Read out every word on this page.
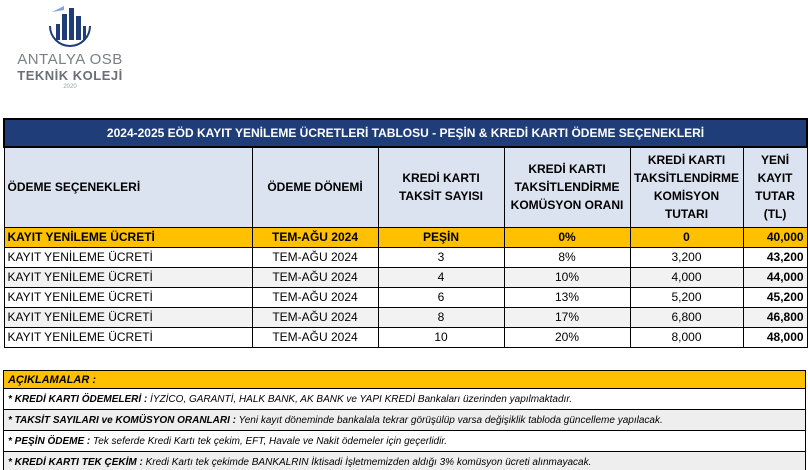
ANTALYA OSB
TEKNİK KOLEJİ
2020
2024-2025 EÖD KAYIT YENİLEME ÜCRETLERİ TABLOSU - PEŞİN & KREDİ KARTI ÖDEME SEÇENEKLERİ					
ÖDEME SEÇENEKLERİ	ÖDEME DÖNEMİ	KREDİ KARTI TAKSİT SAYISI	KREDİ KARTI TAKSİTLENDİRME KOMÜSYON ORANI	KREDİ KARTI TAKSİTLENDİRME KOMİSYON TUTARI	YENİ KAYIT TUTAR (TL)
KAYIT YENİLEME ÜCRETİ	TEM-AĞU 2024	PEŞİN	0%	0	40,000
KAYIT YENİLEME ÜCRETİ	TEM-AĞU 2024	3	8%	3,200	43,200
KAYIT YENİLEME ÜCRETİ	TEM-AĞU 2024	4	10%	4,000	44,000
KAYIT YENİLEME ÜCRETİ	TEM-AĞU 2024	6	13%	5,200	45,200
KAYIT YENİLEME ÜCRETİ	TEM-AĞU 2024	8	17%	6,800	46,800
KAYIT YENİLEME ÜCRETİ	TEM-AĞU 2024	10	20%	8,000	48,000
AÇIKLAMALAR :
* KREDİ KARTI ÖDEMELERİ : İYZİCO, GARANTİ, HALK BANK, AK BANK ve YAPI KREDİ Bankaları üzerinden yapılmaktadır.
* TAKSİT SAYILARI ve KOMÜSYON ORANLARI : Yeni kayıt döneminde bankalala tekrar görüşülüp varsa değişiklik tabloda güncelleme yapılacak.
* PEŞİN ÖDEME : Tek seferde Kredi Kartı tek çekim, EFT, Havale ve Nakit ödemeler için geçerlidir.
* KREDİ KARTI TEK ÇEKİM : Kredi Kartı tek çekimde BANKALRIN İktisadi İşletmemizden aldığı 3% komüsyon ücreti alınmayacak.
